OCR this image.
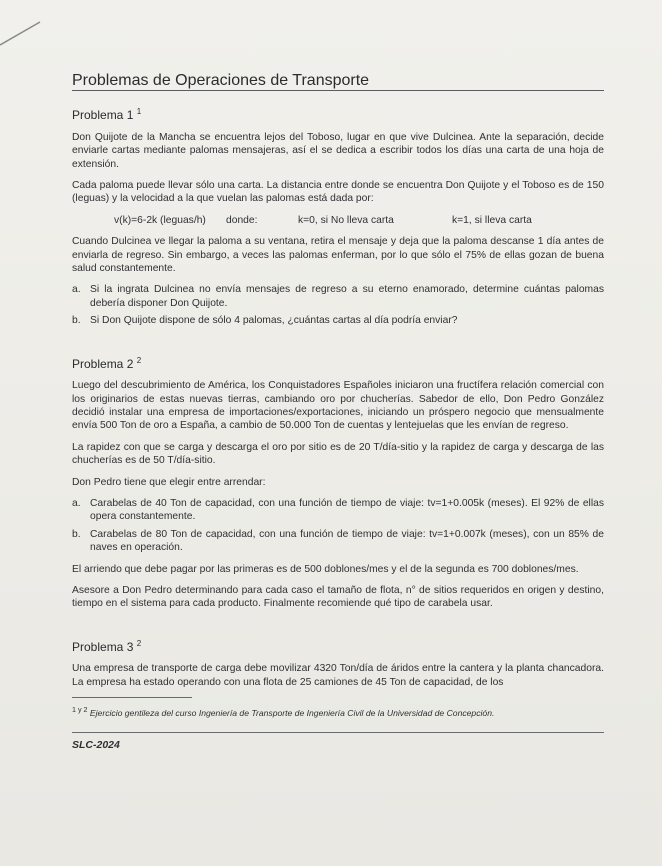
Problemas de Operaciones de Transporte
Problema 1 $^1$

Don Quijote de la Mancha se encuentra lejos del Toboso, lugar en que vive Dulcinea. Ante la separación, decide enviarle cartas mediante palomas mensajeras, así el se dedica a escribir todos los días una carta de una hoja de extensión.

Cada paloma puede llevar sólo una carta. La distancia entre donde se encuentra Don Quijote y el Toboso es de 150 (leguas) y la velocidad a la que vuelan las palomas está dada por:

v(k)=6-2k (leguas/h)	donde:	k=0, si No lleva carta	k=1, si lleva carta

Cuando Dulcinea ve llegar la paloma a su ventana, retira el mensaje y deja que la paloma descanse 1 día antes de enviarla de regreso. Sin embargo, a veces las palomas enferman, por lo que sólo el 75% de ellas gozan de buena salud constantemente.

a. Si la ingrata Dulcinea no envía mensajes de regreso a su eterno enamorado, determine cuántas palomas debería disponer Don Quijote.
b. Si Don Quijote dispone de sólo 4 palomas, ¿cuántas cartas al día podría enviar?
Problema 2 $^2$

Luego del descubrimiento de América, los Conquistadores Españoles iniciaron una fructífera relación comercial con los originarios de estas nuevas tierras, cambiando oro por chucherías. Sabedor de ello, Don Pedro González decidió instalar una empresa de importaciones/exportaciones, iniciando un próspero negocio que mensualmente envía 500 Ton de oro a España, a cambio de 50.000 Ton de cuentas y lentejuelas que les envían de regreso.

La rapidez con que se carga y descarga el oro por sitio es de 20 T/día-sitio y la rapidez de carga y descarga de las chucherías es de 50 T/día-sitio.

Don Pedro tiene que elegir entre arrendar:

a. Carabelas de 40 Ton de capacidad, con una función de tiempo de viaje: tv=1+0.005k (meses). El 92% de ellas opera constantemente.
b. Carabelas de 80 Ton de capacidad, con una función de tiempo de viaje: tv=1+0.007k (meses), con un 85% de naves en operación.

El arriendo que debe pagar por las primeras es de 500 doblones/mes y el de la segunda es 700 doblones/mes.

Asesore a Don Pedro determinando para cada caso el tamaño de flota, n° de sitios requeridos en origen y destino, tiempo en el sistema para cada producto. Finalmente recomiende qué tipo de carabela usar.

Problema 3 $^2$

Una empresa de transporte de carga debe movilizar 4320 Ton/día de áridos entre la cantera y la planta chancadora. La empresa ha estado operando con una flota de 25 camiones de 45 Ton de capacidad, de los

$^{1 y 2}$ Ejercicio gentileza del curso Ingeniería de Transporte de Ingeniería Civil de la Universidad de Concepción.

SLC-2024
